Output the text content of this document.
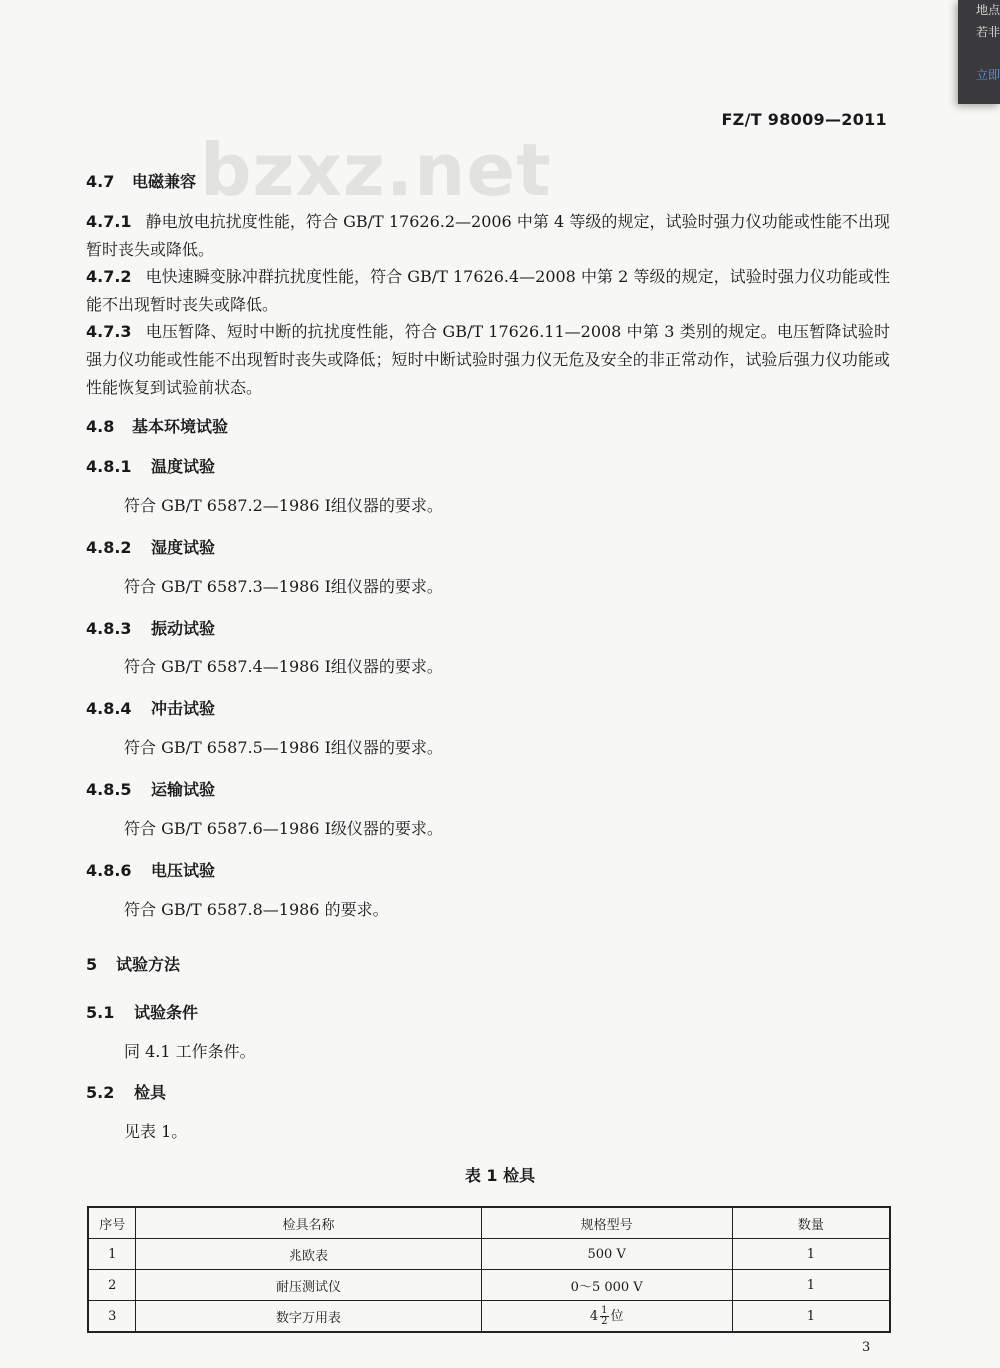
地点
若非
立即
FZ/T 98009—2011
bzxz.net
4.7 电磁兼容
4.7.1 静电放电抗扰度性能，符合 GB/T 17626.2—2006 中第 4 等级的规定，试验时强力仪功能或性能不出现暂时丧失或降低。
4.7.2 电快速瞬变脉冲群抗扰度性能，符合 GB/T 17626.4—2008 中第 2 等级的规定，试验时强力仪功能或性能不出现暂时丧失或降低。
4.7.3 电压暂降、短时中断的抗扰度性能，符合 GB/T 17626.11—2008 中第 3 类别的规定。电压暂降试验时强力仪功能或性能不出现暂时丧失或降低；短时中断试验时强力仪无危及安全的非正常动作，试验后强力仪功能或性能恢复到试验前状态。
4.8 基本环境试验
4.8.1 温度试验
符合 GB/T 6587.2—1986 Ⅰ组仪器的要求。
4.8.2 湿度试验
符合 GB/T 6587.3—1986 Ⅰ组仪器的要求。
4.8.3 振动试验
符合 GB/T 6587.4—1986 Ⅰ组仪器的要求。
4.8.4 冲击试验
符合 GB/T 6587.5—1986 Ⅰ组仪器的要求。
4.8.5 运输试验
符合 GB/T 6587.6—1986 Ⅰ级仪器的要求。
4.8.6 电压试验
符合 GB/T 6587.8—1986 的要求。
5 试验方法
5.1 试验条件
同 4.1 工作条件。
5.2 检具
见表 1。
表 1 检具
序号	检具名称	规格型号	数量
1	兆欧表	500 V	1
2	耐压测试仪	0～5 000 V	1
3	数字万用表	$4 \frac{1}{2}$ 位	1
3
